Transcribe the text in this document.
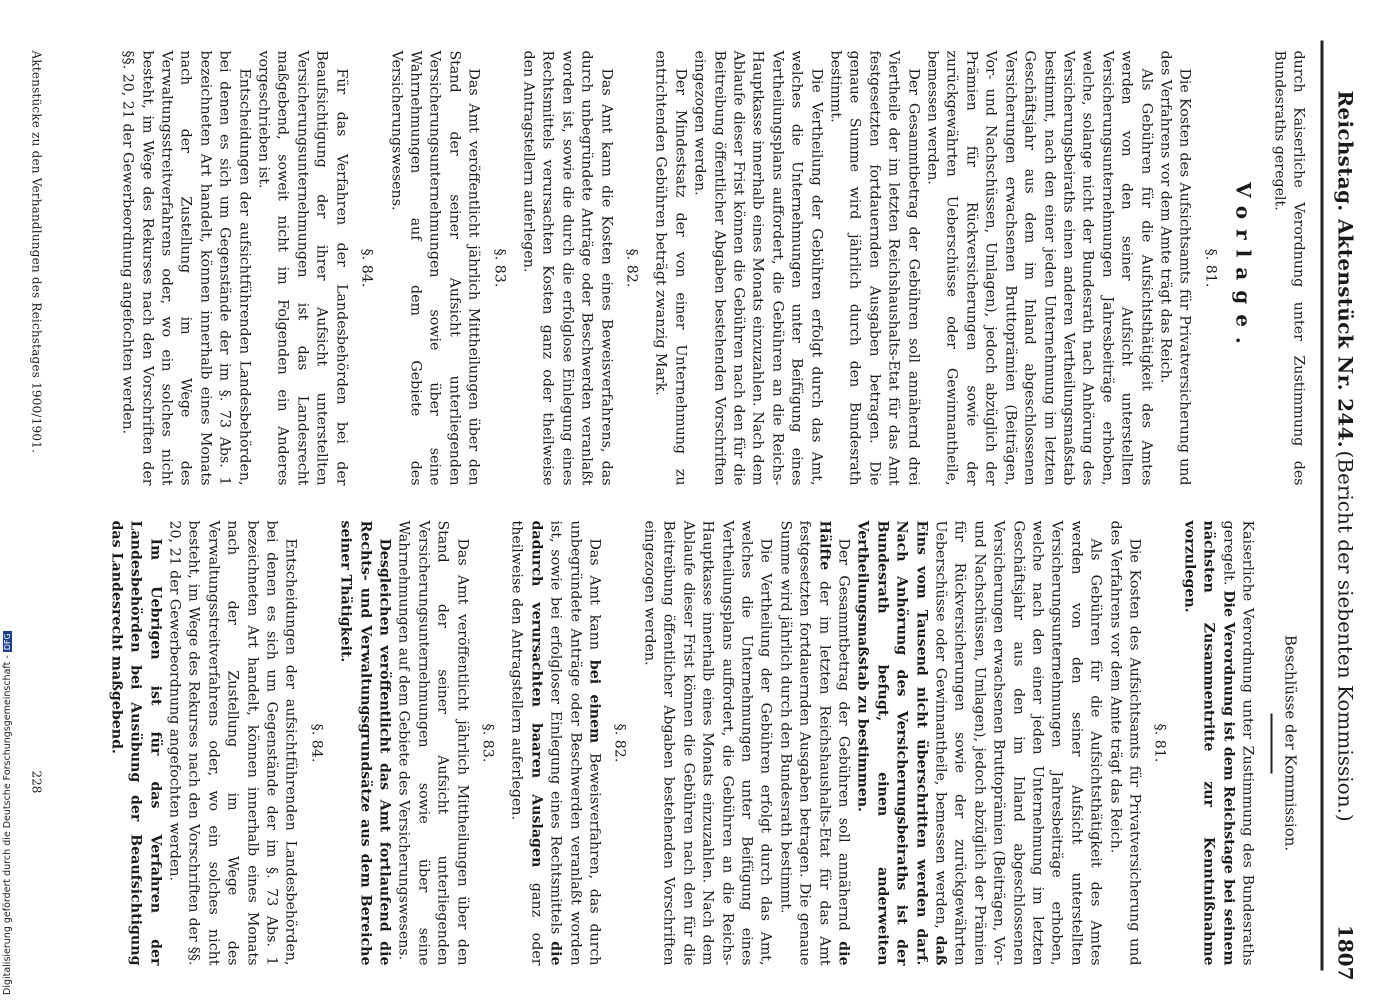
Reichstag. Aktenstück Nr. 244.
(Bericht der siebenten Kommission.)
1807

durch Kaiserliche Verordnung unter Zustimmung des Bundesraths geregelt.

Vorlage.

§. 81.

Die Kosten des Aufsichtsamts für Privatversicherung und des Verfahrens vor dem Amte trägt das Reich.

Als Gebühren für die Aufsichtsthätigkeit des Amtes werden von den seiner Aufsicht unterstellten Versicherungsunternehmungen Jahresbeiträge erhoben, welche, solange nicht der Bundesrath nach Anhörung des Versicherungsbeiraths einen anderen Vertheilungsmaßstab bestimmt, nach den einer jeden Unternehmung im letzten Geschäftsjahr aus dem im Inland abgeschlossenen Versicherungen erwachsenen Bruttoprämien (Beiträgen, Vor- und Nachschüssen, Umlagen), jedoch abzüglich der Prämien für Rückversicherungen sowie der zurückgewährten Ueberschüsse oder Gewinnantheile, bemessen werden.

Der Gesammtbetrag der Gebühren soll annähernd drei Viertheile der im letzten Reichshaushalts-Etat für das Amt festgesetzten fortdauernden Ausgaben betragen. Die genaue Summe wird jährlich durch den Bundesrath bestimmt.

Die Vertheilung der Gebühren erfolgt durch das Amt, welches die Unternehmungen unter Beifügung eines Vertheilungsplans auffordert, die Gebühren an die Reichs-Hauptkasse innerhalb eines Monats einzuzahlen. Nach dem Ablaufe dieser Frist können die Gebühren nach den für die Beitreibung öffentlicher Abgaben bestehenden Vorschriften eingezogen werden.

Der Mindestsatz der von einer Unternehmung zu entrichtenden Gebühren beträgt zwanzig Mark.

§. 82.

Das Amt kann die Kosten eines Beweisverfahrens, das durch unbegründete Anträge oder Beschwerden veranlaßt worden ist, sowie die durch die erfolglose Einlegung eines Rechtsmittels verursachten Kosten ganz oder theilweise den Antragstellern auferlegen.

§. 83.

Das Amt veröffentlicht jährlich Mittheilungen über den Stand der seiner Aufsicht unterliegenden Versicherungsunternehmungen sowie über seine Wahrnehmungen auf dem Gebiete des Versicherungswesens.

§. 84.

Für das Verfahren der Landesbehörden bei der Beaufsichtigung der ihrer Aufsicht unterstellten Versicherungsunternehmungen ist das Landesrecht maßgebend, soweit nicht im Folgenden ein Anderes vorgeschrieben ist.

Entscheidungen der aufsichtführenden Landesbehörden, bei denen es sich um Gegenstände der im §. 73 Abs. 1 bezeichneten Art handelt, können innerhalb eines Monats nach der Zustellung im Wege des Verwaltungsstreitverfahrens oder, wo ein solches nicht besteht, im Wege des Rekurses nach den Vorschriften der §§. 20, 21 der Gewerbeordnung angefochten werden.

Beschlüsse der Kommission.

Kaiserliche Verordnung unter Zustimmung des Bundesraths geregelt. Die Verordnung ist dem Reichstage bei seinem nächsten Zusammentritte zur Kenntnißnahme vorzulegen.

§. 81.

Die Kosten des Aufsichtsamts für Privatversicherung und des Verfahrens vor dem Amte trägt das Reich.

Als Gebühren für die Aufsichtsthätigkeit des Amtes werden von den seiner Aufsicht unterstellten Versicherungsunternehmungen Jahresbeiträge erhoben, welche nach den einer jeden Unternehmung im letzten Geschäftsjahr aus den im Inland abgeschlossenen Versicherungen erwachsenen Bruttoprämien (Beiträgen, Vor- und Nachschüssen, Umlagen), jedoch abzüglich der Prämien für Rückversicherungen sowie der zurückgewährten Ueberschüsse oder Gewinnantheile, bemessen werden, daß Eins vom Tausend nicht überschritten werden darf. Nach Anhörung des Versicherungsbeiraths ist der Bundesrath befugt, einen anderweiten Vertheilungsmaßstab zu bestimmen.

Der Gesammtbetrag der Gebühren soll annähernd die Hälfte der im letzten Reichshaushalts-Etat für das Amt festgesetzten fortdauernden Ausgaben betragen. Die genaue Summe wird jährlich durch den Bundesrath bestimmt.

Die Vertheilung der Gebühren erfolgt durch das Amt, welches die Unternehmungen unter Beifügung eines Vertheilungsplans auffordert, die Gebühren an die Reichs-Hauptkasse innerhalb eines Monats einzuzahlen. Nach dem Ablaufe dieser Frist können die Gebühren nach den für die Beitreibung öffentlicher Abgaben bestehenden Vorschriften eingezogen werden.

§. 82.

Das Amt kann bei einem Beweisverfahren, das durch unbegründete Anträge oder Beschwerden veranlaßt worden ist, sowie bei erfolgloser Einlegung eines Rechtsmittels die dadurch verursachten baaren Auslagen ganz oder theilweise den Antragstellern auferlegen.

§. 83.

Das Amt veröffentlicht jährlich Mittheilungen über den Stand der seiner Aufsicht unterliegenden Versicherungsunternehmungen sowie über seine Wahrnehmungen auf dem Gebiete des Versicherungswesens.

Desgleichen veröffentlicht das Amt fortlaufend die Rechts- und Verwaltungsgrundsätze aus dem Bereiche seiner Thätigkeit.

§. 84.

Entscheidungen der aufsichtführenden Landesbehörden, bei denen es sich um Gegenstände der im §. 73 Abs. 1 bezeichneten Art handelt, können innerhalb eines Monats nach der Zustellung im Wege des Verwaltungsstreitverfahrens oder, wo ein solches nicht besteht, im Wege des Rekurses nach den Vorschriften der §§. 20, 21 der Gewerbeordnung angefochten werden.

Im Uebrigen ist für das Verfahren der Landesbehörden bei Ausübung der Beaufsichtigung das Landesrecht maßgebend.

Aktenstücke zu den Verhandlungen des Reichstages 1900/1901.
228
Digitalisierung gefördert durch die Deutsche Forschungsgemeinschaft -DFG
